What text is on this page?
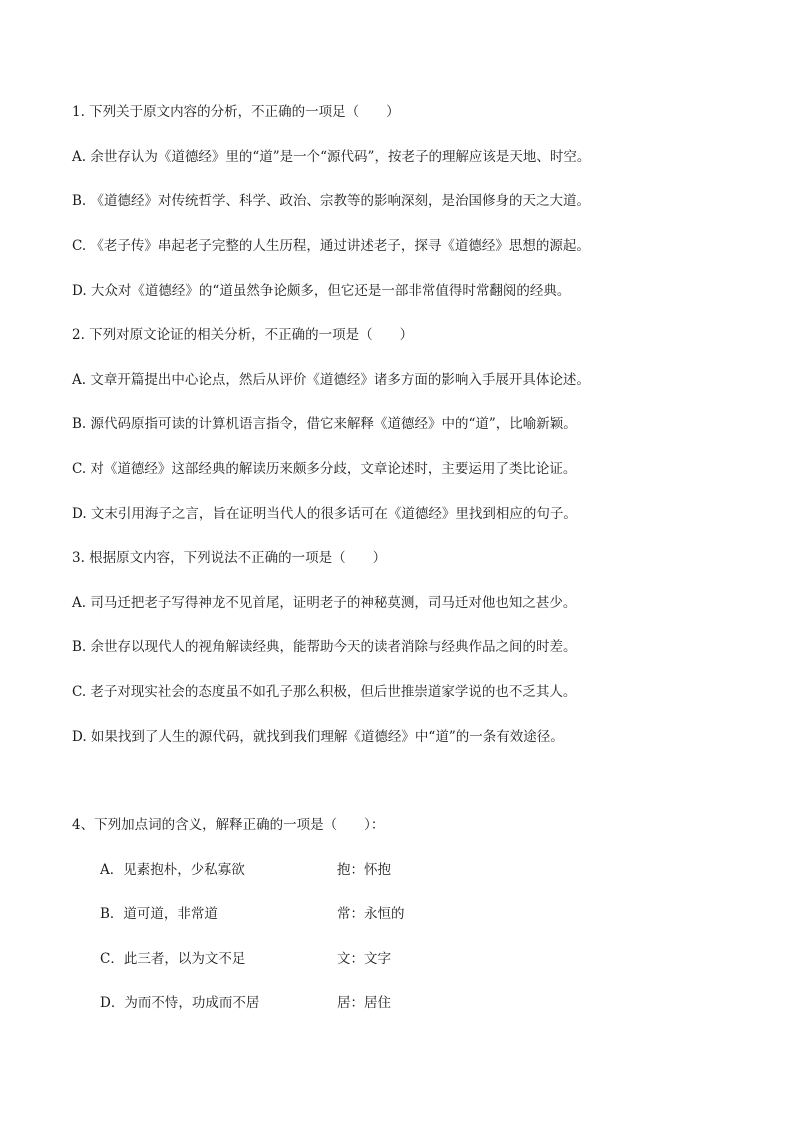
1. 下列关于原文内容的分析，不正确的一项足（　　）
A. 余世存认为《道德经》里的“道”是一个“源代码”，按老子的理解应该是天地、时空。
B. 《道德经》对传统哲学、科学、政治、宗教等的影响深刻，是治国修身的天之大道。
C. 《老子传》串起老子完整的人生历程，通过讲述老子，探寻《道德经》思想的源起。
D. 大众对《道德经》的“道虽然争论颇多，但它还是一部非常值得时常翻阅的经典。
2. 下列对原文论证的相关分析，不正确的一项是（　　）
A. 文章开篇提出中心论点，然后从评价《道德经》诸多方面的影响入手展开具体论述。
B. 源代码原指可读的计算机语言指令，借它来解释《道德经》中的“道”，比喻新颖。
C. 对《道德经》这部经典的解读历来颇多分歧，文章论述时，主要运用了类比论证。
D. 文末引用海子之言，旨在证明当代人的很多话可在《道德经》里找到相应的句子。
3. 根据原文内容，下列说法不正确的一项是（　　）
A. 司马迁把老子写得神龙不见首尾，证明老子的神秘莫测，司马迁对他也知之甚少。
B. 余世存以现代人的视角解读经典，能帮助今天的读者消除与经典作品之间的时差。
C. 老子对现实社会的态度虽不如孔子那么积极，但后世推崇道家学说的也不乏其人。
D. 如果找到了人生的源代码，就找到我们理解《道德经》中“道”的一条有效途径。
4、下列加点词的含义，解释正确的一项是（　　）：
A．见素抱朴，少私寡欲	抱：怀抱
B．道可道，非常道	常：永恒的
C．此三者，以为文不足	文：文字
D．为而不恃，功成而不居	居：居住
